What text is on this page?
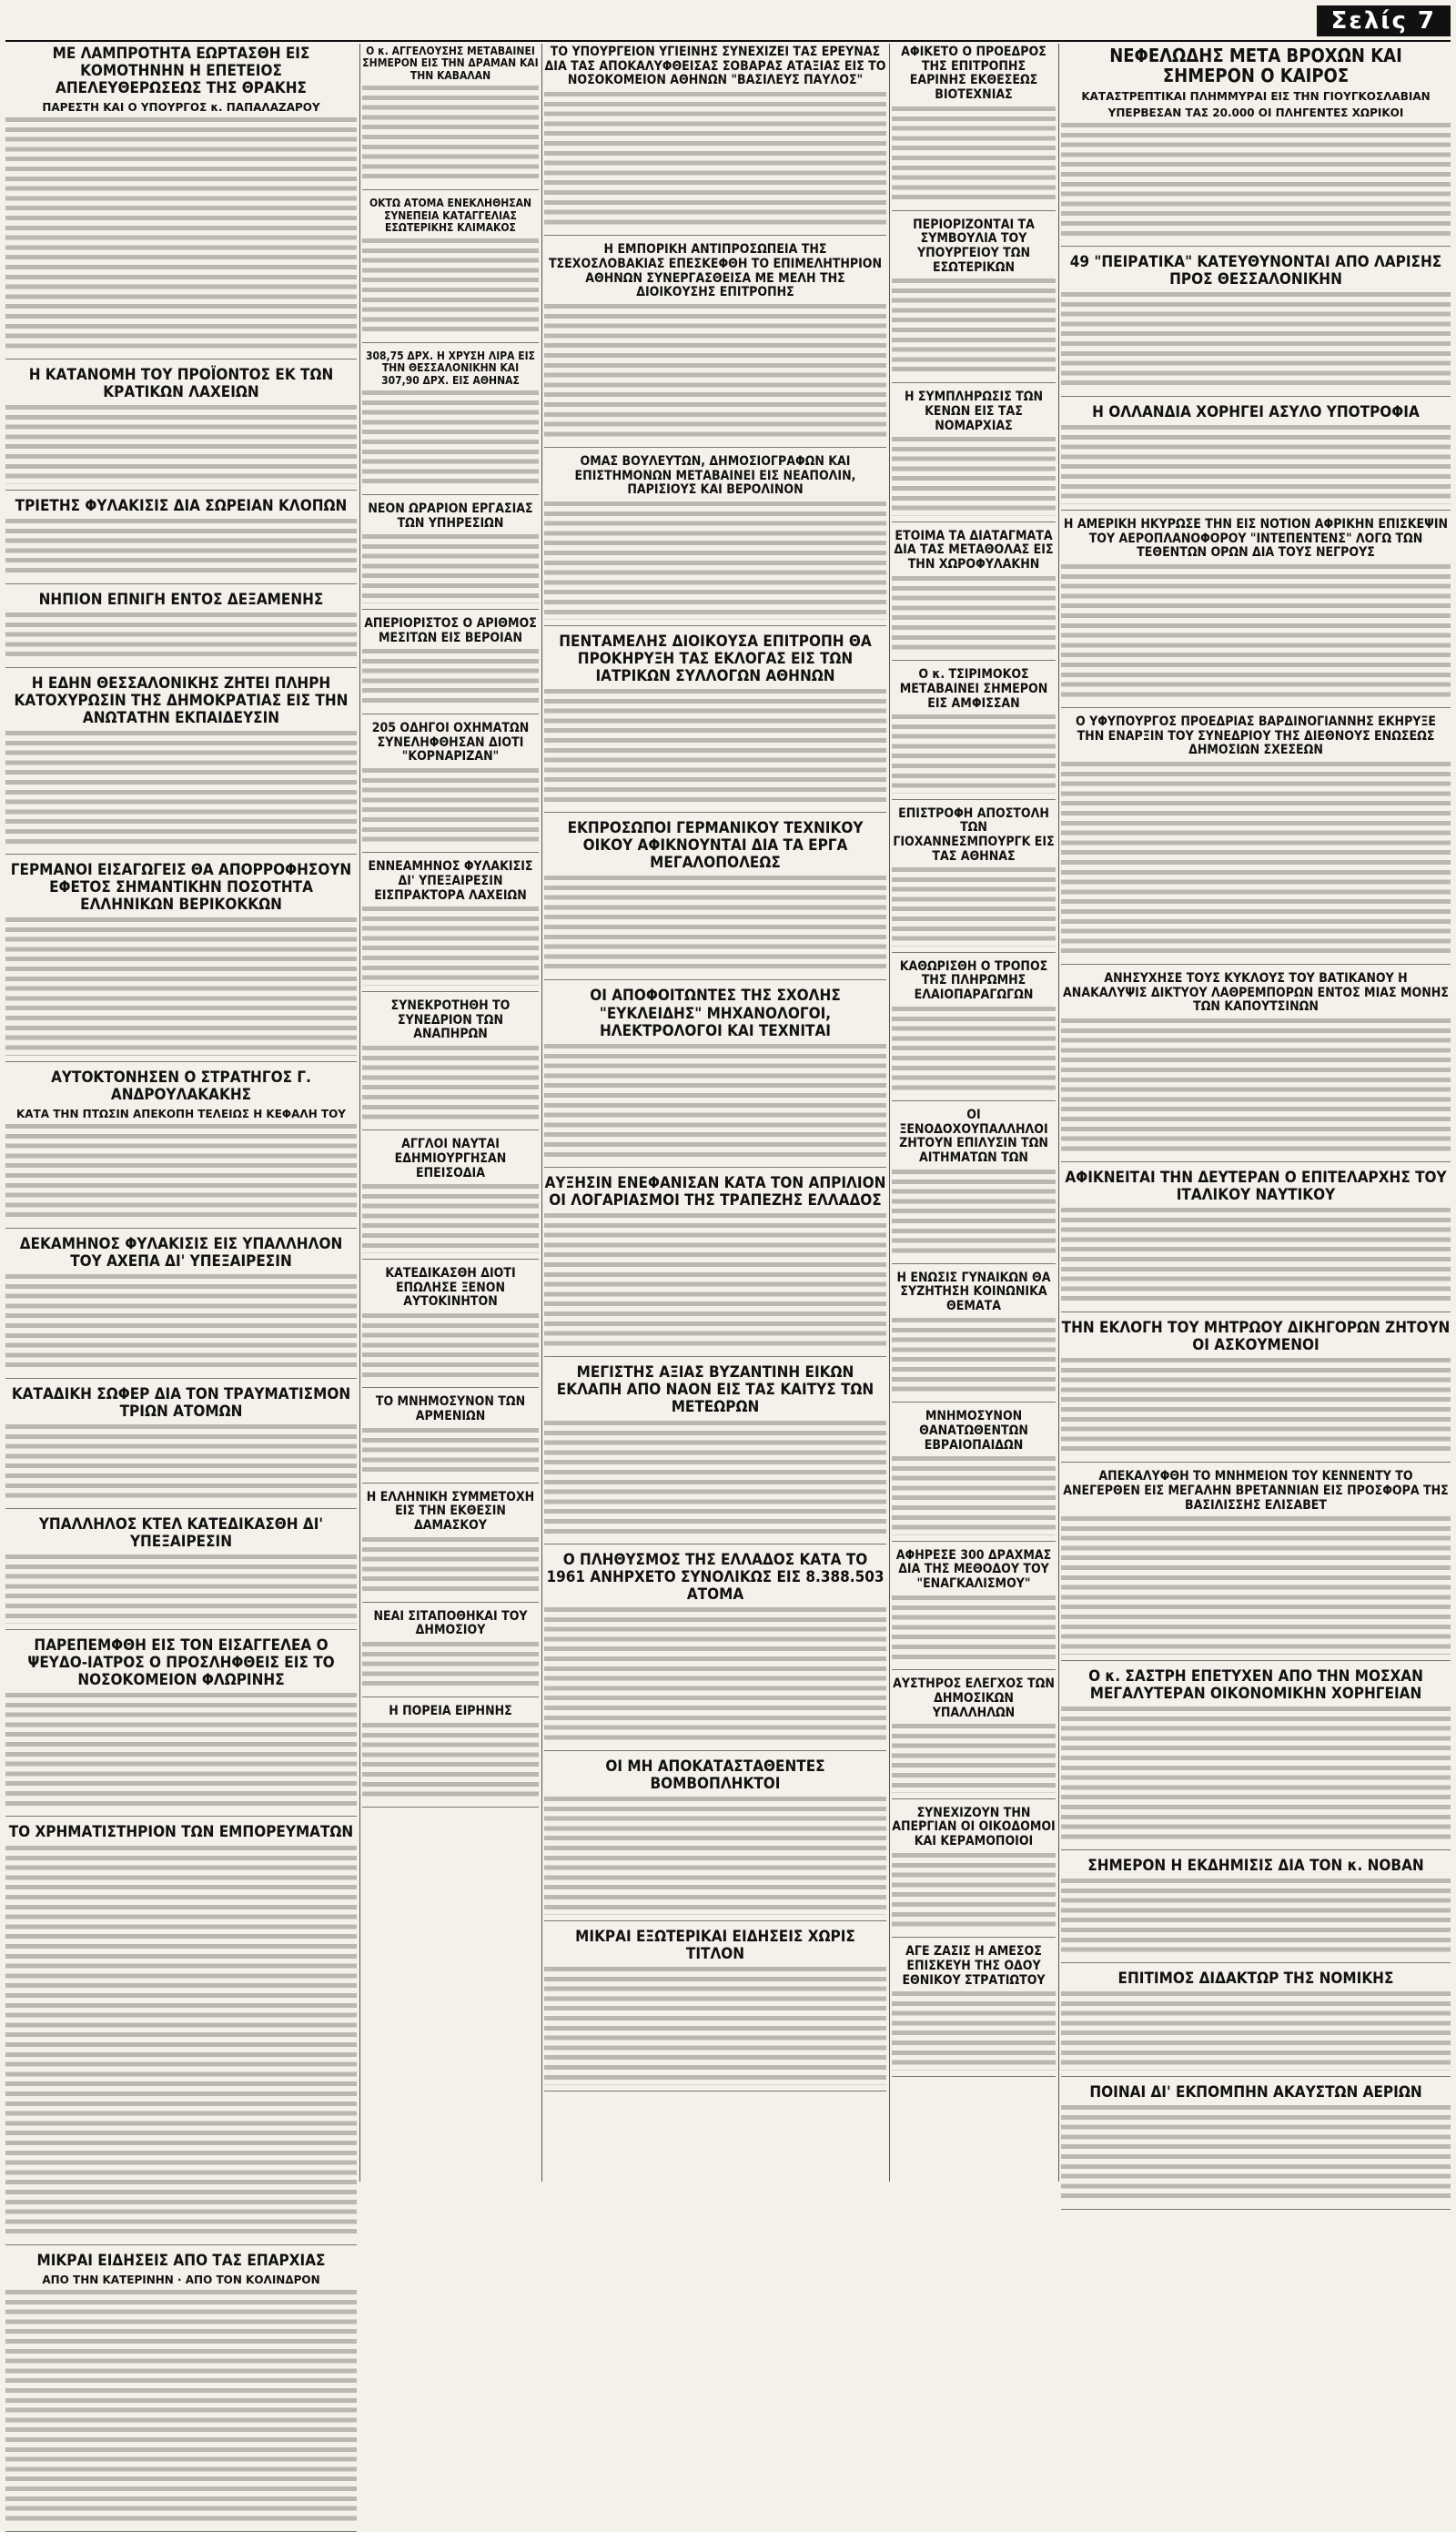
Σελίς 7
ΜΕ ΛΑΜΠΡΟΤΗΤΑ ΕΩΡΤΑΣΘΗ ΕΙΣ ΚΟΜΟΤΗΝΗΝ Η ΕΠΕΤΕΙΟΣ ΑΠΕΛΕΥΘΕΡΩΣΕΩΣ ΤΗΣ ΘΡΑΚΗΣ
ΠΑΡΕΣΤΗ ΚΑΙ Ο ΥΠΟΥΡΓΟΣ κ. ΠΑΠΑΛΑΖΑΡΟΥ
Η ΚΑΤΑΝΟΜΗ ΤΟΥ ΠΡΟΪΟΝΤΟΣ ΕΚ ΤΩΝ ΚΡΑΤΙΚΩΝ ΛΑΧΕΙΩΝ
ΤΡΙΕΤΗΣ ΦΥΛΑΚΙΣΙΣ ΔΙΑ ΣΩΡΕΙΑΝ ΚΛΟΠΩΝ
ΝΗΠΙΟΝ ΕΠΝΙΓΗ ΕΝΤΟΣ ΔΕΞΑΜΕΝΗΣ
Η ΕΔΗΝ ΘΕΣΣΑΛΟΝΙΚΗΣ ΖΗΤΕΙ ΠΛΗΡΗ ΚΑΤΟΧΥΡΩΣΙΝ ΤΗΣ ΔΗΜΟΚΡΑΤΙΑΣ ΕΙΣ ΤΗΝ ΑΝΩΤΑΤΗΝ ΕΚΠΑΙΔΕΥΣΙΝ
ΓΕΡΜΑΝΟΙ ΕΙΣΑΓΩΓΕΙΣ ΘΑ ΑΠΟΡΡΟΦΗΣΟΥΝ ΕΦΕΤΟΣ ΣΗΜΑΝΤΙΚΗΝ ΠΟΣΟΤΗΤΑ ΕΛΛΗΝΙΚΩΝ ΒΕΡΙΚΟΚΚΩΝ
ΑΥΤΟΚΤΟΝΗΣΕΝ Ο ΣΤΡΑΤΗΓΟΣ Γ. ΑΝΔΡΟΥΛΑΚΑΚΗΣ
ΚΑΤΑ ΤΗΝ ΠΤΩΣΙΝ ΑΠΕΚΟΠΗ ΤΕΛΕΙΩΣ Η ΚΕΦΑΛΗ ΤΟΥ
ΔΕΚΑΜΗΝΟΣ ΦΥΛΑΚΙΣΙΣ ΕΙΣ ΥΠΑΛΛΗΛΟΝ ΤΟΥ ΑΧΕΠΑ ΔΙ' ΥΠΕΞΑΙΡΕΣΙΝ
ΚΑΤΑΔΙΚΗ ΣΩΦΕΡ ΔΙΑ ΤΟΝ ΤΡΑΥΜΑΤΙΣΜΟΝ ΤΡΙΩΝ ΑΤΟΜΩΝ
ΥΠΑΛΛΗΛΟΣ ΚΤΕΛ ΚΑΤΕΔΙΚΑΣΘΗ ΔΙ' ΥΠΕΞΑΙΡΕΣΙΝ
ΠΑΡΕΠΕΜΦΘΗ ΕΙΣ ΤΟΝ ΕΙΣΑΓΓΕΛΕΑ Ο ΨΕΥΔΟ-ΙΑΤΡΟΣ Ο ΠΡΟΣΛΗΦΘΕΙΣ ΕΙΣ ΤΟ ΝΟΣΟΚΟΜΕΙΟΝ ΦΛΩΡΙΝΗΣ
ΤΟ ΧΡΗΜΑΤΙΣΤΗΡΙΟΝ ΤΩΝ ΕΜΠΟΡΕΥΜΑΤΩΝ
ΜΙΚΡΑΙ ΕΙΔΗΣΕΙΣ ΑΠΟ ΤΑΣ ΕΠΑΡΧΙΑΣ
ΑΠΟ ΤΗΝ ΚΑΤΕΡΙΝΗΝ · ΑΠΟ ΤΟΝ ΚΟΛΙΝΔΡΟΝ
Ο κ. ΑΓΓΕΛΟΥΣΗΣ ΜΕΤΑΒΑΙΝΕΙ ΣΗΜΕΡΟΝ ΕΙΣ ΤΗΝ ΔΡΑΜΑΝ ΚΑΙ ΤΗΝ ΚΑΒΑΛΑΝ
ΟΚΤΩ ΑΤΟΜΑ ΕΝΕΚΛΗΘΗΣΑΝ ΣΥΝΕΠΕΙΑ ΚΑΤΑΓΓΕΛΙΑΣ ΕΣΩΤΕΡΙΚΗΣ ΚΛΙΜΑΚΟΣ
308,75 ΔΡΧ. Η ΧΡΥΣΗ ΛΙΡΑ ΕΙΣ ΤΗΝ ΘΕΣΣΑΛΟΝΙΚΗΝ ΚΑΙ 307,90 ΔΡΧ. ΕΙΣ ΑΘΗΝΑΣ
ΝΕΟΝ ΩΡΑΡΙΟΝ ΕΡΓΑΣΙΑΣ ΤΩΝ ΥΠΗΡΕΣΙΩΝ
ΑΠΕΡΙΟΡΙΣΤΟΣ Ο ΑΡΙΘΜΟΣ ΜΕΣΙΤΩΝ ΕΙΣ ΒΕΡΟΙΑΝ
205 ΟΔΗΓΟΙ ΟΧΗΜΑΤΩΝ ΣΥΝΕΛΗΦΘΗΣΑΝ ΔΙΟΤΙ "ΚΟΡΝΑΡΙΖΑΝ"
ΕΝΝΕΑΜΗΝΟΣ ΦΥΛΑΚΙΣΙΣ ΔΙ' ΥΠΕΞΑΙΡΕΣΙΝ ΕΙΣΠΡΑΚΤΟΡΑ ΛΑΧΕΙΩΝ
ΣΥΝΕΚΡΟΤΗΘΗ ΤΟ ΣΥΝΕΔΡΙΟΝ ΤΩΝ ΑΝΑΠΗΡΩΝ
ΑΓΓΛΟΙ ΝΑΥΤΑΙ ΕΔΗΜΙΟΥΡΓΗΣΑΝ ΕΠΕΙΣΟΔΙΑ
ΚΑΤΕΔΙΚΑΣΘΗ ΔΙΟΤΙ ΕΠΩΛΗΣΕ ΞΕΝΟΝ ΑΥΤΟΚΙΝΗΤΟΝ
ΤΟ ΜΝΗΜΟΣΥΝΟΝ ΤΩΝ ΑΡΜΕΝΙΩΝ
Η ΕΛΛΗΝΙΚΗ ΣΥΜΜΕΤΟΧΗ ΕΙΣ ΤΗΝ ΕΚΘΕΣΙΝ ΔΑΜΑΣΚΟΥ
ΝΕΑΙ ΣΙΤΑΠΟΘΗΚΑΙ ΤΟΥ ΔΗΜΟΣΙΟΥ
Η ΠΟΡΕΙΑ ΕΙΡΗΝΗΣ
ΤΟ ΥΠΟΥΡΓΕΙΟΝ ΥΓΙΕΙΝΗΣ ΣΥΝΕΧΙΖΕΙ ΤΑΣ ΕΡΕΥΝΑΣ ΔΙΑ ΤΑΣ ΑΠΟΚΑΛΥΦΘΕΙΣΑΣ ΣΟΒΑΡΑΣ ΑΤΑΞΙΑΣ ΕΙΣ ΤΟ ΝΟΣΟΚΟΜΕΙΟΝ ΑΘΗΝΩΝ "ΒΑΣΙΛΕΥΣ ΠΑΥΛΟΣ"
Η ΕΜΠΟΡΙΚΗ ΑΝΤΙΠΡΟΣΩΠΕΙΑ ΤΗΣ ΤΣΕΧΟΣΛΟΒΑΚΙΑΣ ΕΠΕΣΚΕΦΘΗ ΤΟ ΕΠΙΜΕΛΗΤΗΡΙΟΝ ΑΘΗΝΩΝ ΣΥΝΕΡΓΑΣΘΕΙΣΑ ΜΕ ΜΕΛΗ ΤΗΣ ΔΙΟΙΚΟΥΣΗΣ ΕΠΙΤΡΟΠΗΣ
ΟΜΑΣ ΒΟΥΛΕΥΤΩΝ, ΔΗΜΟΣΙΟΓΡΑΦΩΝ ΚΑΙ ΕΠΙΣΤΗΜΟΝΩΝ ΜΕΤΑΒΑΙΝΕΙ ΕΙΣ ΝΕΑΠΟΛΙΝ, ΠΑΡΙΣΙΟΥΣ ΚΑΙ ΒΕΡΟΛΙΝΟΝ
ΠΕΝΤΑΜΕΛΗΣ ΔΙΟΙΚΟΥΣΑ ΕΠΙΤΡΟΠΗ ΘΑ ΠΡΟΚΗΡΥΞΗ ΤΑΣ ΕΚΛΟΓΑΣ ΕΙΣ ΤΩΝ ΙΑΤΡΙΚΩΝ ΣΥΛΛΟΓΩΝ ΑΘΗΝΩΝ
ΕΚΠΡΟΣΩΠΟΙ ΓΕΡΜΑΝΙΚΟΥ ΤΕΧΝΙΚΟΥ ΟΙΚΟΥ ΑΦΙΚΝΟΥΝΤΑΙ ΔΙΑ ΤΑ ΕΡΓΑ ΜΕΓΑΛΟΠΟΛΕΩΣ
ΟΙ ΑΠΟΦΟΙΤΩΝΤΕΣ ΤΗΣ ΣΧΟΛΗΣ "ΕΥΚΛΕΙΔΗΣ" ΜΗΧΑΝΟΛΟΓΟΙ, ΗΛΕΚΤΡΟΛΟΓΟΙ ΚΑΙ ΤΕΧΝΙΤΑΙ
ΑΥΞΗΣΙΝ ΕΝΕΦΑΝΙΣΑΝ ΚΑΤΑ ΤΟΝ ΑΠΡΙΛΙΟΝ ΟΙ ΛΟΓΑΡΙΑΣΜΟΙ ΤΗΣ ΤΡΑΠΕΖΗΣ ΕΛΛΑΔΟΣ
ΜΕΓΙΣΤΗΣ ΑΞΙΑΣ ΒΥΖΑΝΤΙΝΗ ΕΙΚΩΝ ΕΚΛΑΠΗ ΑΠΟ ΝΑΟΝ ΕΙΣ ΤΑΣ ΚΑΙΤΥΣ ΤΩΝ ΜΕΤΕΩΡΩΝ
Ο ΠΛΗΘΥΣΜΟΣ ΤΗΣ ΕΛΛΑΔΟΣ ΚΑΤΑ ΤΟ 1961 ΑΝΗΡΧΕΤΟ ΣΥΝΟΛΙΚΩΣ ΕΙΣ 8.388.503 ΑΤΟΜΑ
ΟΙ ΜΗ ΑΠΟΚΑΤΑΣΤΑΘΕΝΤΕΣ ΒΟΜΒΟΠΛΗΚΤΟΙ
ΜΙΚΡΑΙ ΕΞΩΤΕΡΙΚΑΙ ΕΙΔΗΣΕΙΣ ΧΩΡΙΣ ΤΙΤΛΟΝ
ΑΦΙΚΕΤΟ Ο ΠΡΟΕΔΡΟΣ ΤΗΣ ΕΠΙΤΡΟΠΗΣ ΕΑΡΙΝΗΣ ΕΚΘΕΣΕΩΣ ΒΙΟΤΕΧΝΙΑΣ
ΠΕΡΙΟΡΙΖΟΝΤΑΙ ΤΑ ΣΥΜΒΟΥΛΙΑ ΤΟΥ ΥΠΟΥΡΓΕΙΟΥ ΤΩΝ ΕΣΩΤΕΡΙΚΩΝ
Η ΣΥΜΠΛΗΡΩΣΙΣ ΤΩΝ ΚΕΝΩΝ ΕΙΣ ΤΑΣ ΝΟΜΑΡΧΙΑΣ
ΕΤΟΙΜΑ ΤΑ ΔΙΑΤΑΓΜΑΤΑ ΔΙΑ ΤΑΣ ΜΕΤΑΘΟΛΑΣ ΕΙΣ ΤΗΝ ΧΩΡΟΦΥΛΑΚΗΝ
Ο κ. ΤΣΙΡΙΜΟΚΟΣ ΜΕΤΑΒΑΙΝΕΙ ΣΗΜΕΡΟΝ ΕΙΣ ΑΜΦΙΣΣΑΝ
ΕΠΙΣΤΡΟΦΗ ΑΠΟΣΤΟΛΗ ΤΩΝ ΓΙΟΧΑΝΝΕΣΜΠΟΥΡΓΚ ΕΙΣ ΤΑΣ ΑΘΗΝΑΣ
ΚΑΘΩΡΙΣΘΗ Ο ΤΡΟΠΟΣ ΤΗΣ ΠΛΗΡΩΜΗΣ ΕΛΑΙΟΠΑΡΑΓΩΓΩΝ
ΟΙ ΞΕΝΟΔΟΧΟΥΠΑΛΛΗΛΟΙ ΖΗΤΟΥΝ ΕΠΙΛΥΣΙΝ ΤΩΝ ΑΙΤΗΜΑΤΩΝ ΤΩΝ
Η ΕΝΩΣΙΣ ΓΥΝΑΙΚΩΝ ΘΑ ΣΥΖΗΤΗΣΗ ΚΟΙΝΩΝΙΚΑ ΘΕΜΑΤΑ
ΜΝΗΜΟΣΥΝΟΝ ΘΑΝΑΤΩΘΕΝΤΩΝ ΕΒΡΑΙΟΠΑΙΔΩΝ
ΑΦΗΡΕΣΕ 300 ΔΡΑΧΜΑΣ ΔΙΑ ΤΗΣ ΜΕΘΟΔΟΥ ΤΟΥ "ΕΝΑΓΚΑΛΙΣΜΟΥ"
ΑΥΣΤΗΡΟΣ ΕΛΕΓΧΟΣ ΤΩΝ ΔΗΜΟΣΙΚΩΝ ΥΠΑΛΛΗΛΩΝ
ΣΥΝΕΧΙΖΟΥΝ ΤΗΝ ΑΠΕΡΓΙΑΝ ΟΙ ΟΙΚΟΔΟΜΟΙ ΚΑΙ ΚΕΡΑΜΟΠΟΙΟΙ
ΑΓΕ ΖΑΣΙΣ Η ΑΜΕΣΟΣ ΕΠΙΣΚΕΥΗ ΤΗΣ ΟΔΟΥ ΕΘΝΙΚΟΥ ΣΤΡΑΤΙΩΤΟΥ
ΝΕΦΕΛΩΔΗΣ ΜΕΤΑ ΒΡΟΧΩΝ ΚΑΙ ΣΗΜΕΡΟΝ Ο ΚΑΙΡΟΣ
ΚΑΤΑΣΤΡΕΠΤΙΚΑΙ ΠΛΗΜΜΥΡΑΙ ΕΙΣ ΤΗΝ ΓΙΟΥΓΚΟΣΛΑΒΙΑΝ
ΥΠΕΡΒΕΣΑΝ ΤΑΣ 20.000 ΟΙ ΠΛΗΓΕΝΤΕΣ ΧΩΡΙΚΟΙ
49 "ΠΕΙΡΑΤΙΚΑ" ΚΑΤΕΥΘΥΝΟΝΤΑΙ ΑΠΟ ΛΑΡΙΣΗΣ ΠΡΟΣ ΘΕΣΣΑΛΟΝΙΚΗΝ
Η ΟΛΛΑΝΔΙΑ ΧΟΡΗΓΕΙ ΑΣΥΛΟ ΥΠΟΤΡΟΦΙΑ
Η ΑΜΕΡΙΚΗ ΗΚΥΡΩΣΕ ΤΗΝ ΕΙΣ ΝΟΤΙΟΝ ΑΦΡΙΚΗΝ ΕΠΙΣΚΕΨΙΝ ΤΟΥ ΑΕΡΟΠΛΑΝΟΦΟΡΟΥ "ΙΝΤΕΠΕΝΤΕΝΣ" ΛΟΓΩ ΤΩΝ ΤΕΘΕΝΤΩΝ ΟΡΩΝ ΔΙΑ ΤΟΥΣ ΝΕΓΡΟΥΣ
Ο ΥΦΥΠΟΥΡΓΟΣ ΠΡΟΕΔΡΙΑΣ ΒΑΡΔΙΝΟΓΙΑΝΝΗΣ ΕΚΗΡΥΞΕ ΤΗΝ ΕΝΑΡΞΙΝ ΤΟΥ ΣΥΝΕΔΡΙΟΥ ΤΗΣ ΔΙΕΘΝΟΥΣ ΕΝΩΣΕΩΣ ΔΗΜΟΣΙΩΝ ΣΧΕΣΕΩΝ
ΑΝΗΣΥΧΗΣΕ ΤΟΥΣ ΚΥΚΛΟΥΣ ΤΟΥ ΒΑΤΙΚΑΝΟΥ Η ΑΝΑΚΑΛΥΨΙΣ ΔΙΚΤΥΟΥ ΛΑΘΡΕΜΠΟΡΩΝ ΕΝΤΟΣ ΜΙΑΣ ΜΟΝΗΣ ΤΩΝ ΚΑΠΟΥΤΣΙΝΩΝ
ΑΦΙΚΝΕΙΤΑΙ ΤΗΝ ΔΕΥΤΕΡΑΝ Ο ΕΠΙΤΕΛΑΡΧΗΣ ΤΟΥ ΙΤΑΛΙΚΟΥ ΝΑΥΤΙΚΟΥ
ΤΗΝ ΕΚΛΟΓΗ ΤΟΥ ΜΗΤΡΩΟΥ ΔΙΚΗΓΟΡΩΝ ΖΗΤΟΥΝ ΟΙ ΑΣΚΟΥΜΕΝΟΙ
ΑΠΕΚΑΛΥΦΘΗ ΤΟ ΜΝΗΜΕΙΟΝ ΤΟΥ ΚΕΝΝΕΝΤΥ ΤΟ ΑΝΕΓΕΡΘΕΝ ΕΙΣ ΜΕΓΑΛΗΝ ΒΡΕΤΑΝΝΙΑΝ ΕΙΣ ΠΡΟΣΦΟΡΑ ΤΗΣ ΒΑΣΙΛΙΣΣΗΣ ΕΛΙΣΑΒΕΤ
Ο κ. ΣΑΣΤΡΗ ΕΠΕΤΥΧΕΝ ΑΠΟ ΤΗΝ ΜΟΣΧΑΝ ΜΕΓΑΛΥΤΕΡΑΝ ΟΙΚΟΝΟΜΙΚΗΝ ΧΟΡΗΓΕΙΑΝ
ΣΗΜΕΡΟΝ Η ΕΚΔΗΜΙΣΙΣ ΔΙΑ ΤΟΝ κ. ΝΟΒΑΝ
ΕΠΙΤΙΜΟΣ ΔΙΔΑΚΤΩΡ ΤΗΣ ΝΟΜΙΚΗΣ
ΠΟΙΝΑΙ ΔΙ' ΕΚΠΟΜΠΗΝ ΑΚΑΥΣΤΩΝ ΑΕΡΙΩΝ
